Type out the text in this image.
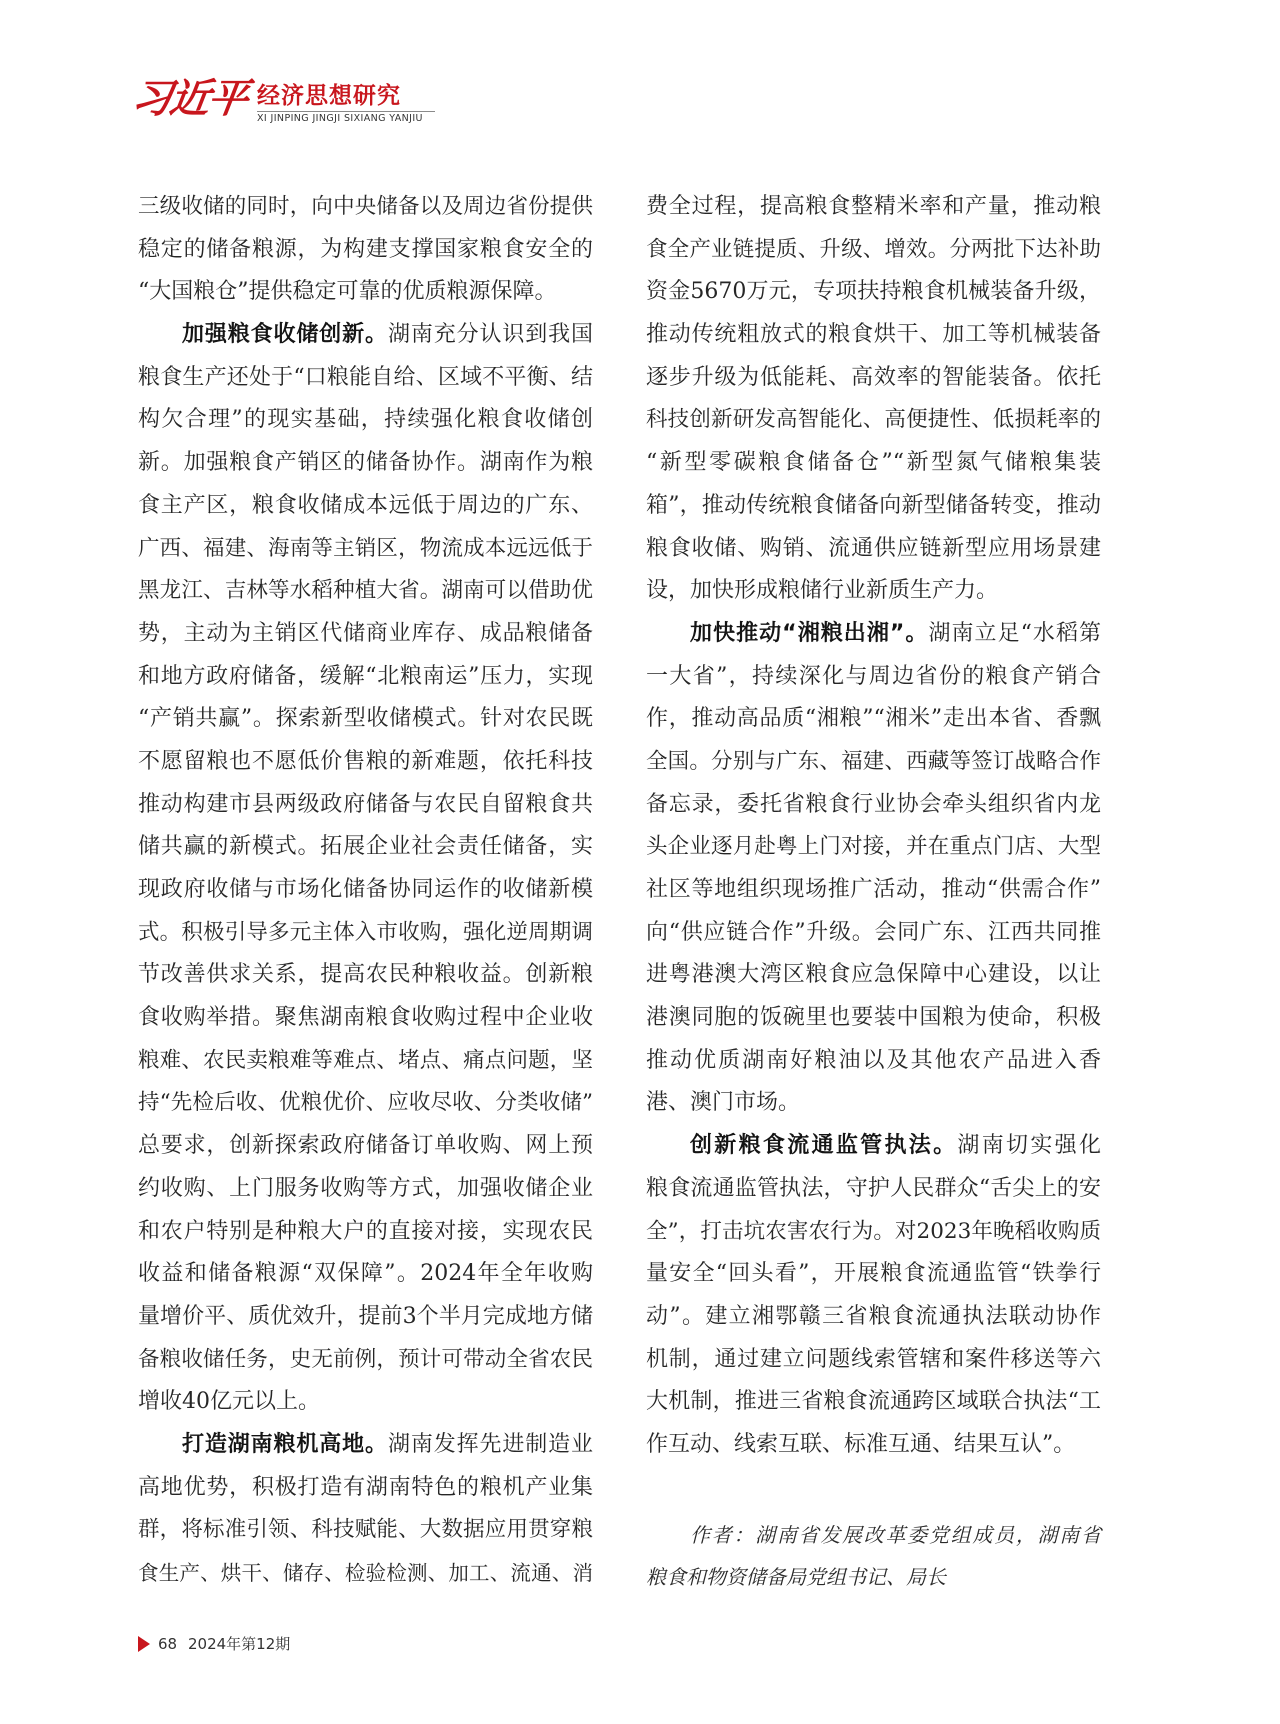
习近平 经济思想研究
XI JINPING JINGJI SIXIANG YANJIU
三级收储的同时，向中央储备以及周边省份提供
稳定的储备粮源，为构建支撑国家粮食安全的
“大国粮仓”提供稳定可靠的优质粮源保障。
加强粮食收储创新。湖南充分认识到我国
粮食生产还处于“口粮能自给、区域不平衡、结
构欠合理”的现实基础，持续强化粮食收储创
新。加强粮食产销区的储备协作。湖南作为粮
食主产区，粮食收储成本远低于周边的广东、
广西、福建、海南等主销区，物流成本远远低于
黑龙江、吉林等水稻种植大省。湖南可以借助优
势，主动为主销区代储商业库存、成品粮储备
和地方政府储备，缓解“北粮南运”压力，实现
“产销共赢”。探索新型收储模式。针对农民既
不愿留粮也不愿低价售粮的新难题，依托科技
推动构建市县两级政府储备与农民自留粮食共
储共赢的新模式。拓展企业社会责任储备，实
现政府收储与市场化储备协同运作的收储新模
式。积极引导多元主体入市收购，强化逆周期调
节改善供求关系，提高农民种粮收益。创新粮
食收购举措。聚焦湖南粮食收购过程中企业收
粮难、农民卖粮难等难点、堵点、痛点问题，坚
持“先检后收、优粮优价、应收尽收、分类收储”
总要求，创新探索政府储备订单收购、网上预
约收购、上门服务收购等方式，加强收储企业
和农户特别是种粮大户的直接对接，实现农民
收益和储备粮源“双保障”。2024年全年收购
量增价平、质优效升，提前3个半月完成地方储
备粮收储任务，史无前例，预计可带动全省农民
增收40亿元以上。
打造湖南粮机高地。湖南发挥先进制造业
高地优势，积极打造有湖南特色的粮机产业集
群，将标准引领、科技赋能、大数据应用贯穿粮
食生产、烘干、储存、检验检测、加工、流通、消
费全过程，提高粮食整精米率和产量，推动粮
食全产业链提质、升级、增效。分两批下达补助
资金5670万元，专项扶持粮食机械装备升级，
推动传统粗放式的粮食烘干、加工等机械装备
逐步升级为低能耗、高效率的智能装备。依托
科技创新研发高智能化、高便捷性、低损耗率的
“新型零碳粮食储备仓”“新型氮气储粮集装
箱”，推动传统粮食储备向新型储备转变，推动
粮食收储、购销、流通供应链新型应用场景建
设，加快形成粮储行业新质生产力。
加快推动“湘粮出湘”。湖南立足“水稻第
一大省”，持续深化与周边省份的粮食产销合
作，推动高品质“湘粮”“湘米”走出本省、香飘
全国。分别与广东、福建、西藏等签订战略合作
备忘录，委托省粮食行业协会牵头组织省内龙
头企业逐月赴粤上门对接，并在重点门店、大型
社区等地组织现场推广活动，推动“供需合作”
向“供应链合作”升级。会同广东、江西共同推
进粤港澳大湾区粮食应急保障中心建设，以让
港澳同胞的饭碗里也要装中国粮为使命，积极
推动优质湖南好粮油以及其他农产品进入香
港、澳门市场。
创新粮食流通监管执法。湖南切实强化
粮食流通监管执法，守护人民群众“舌尖上的安
全”，打击坑农害农行为。对2023年晚稻收购质
量安全“回头看”，开展粮食流通监管“铁拳行
动”。建立湘鄂赣三省粮食流通执法联动协作
机制，通过建立问题线索管辖和案件移送等六
大机制，推进三省粮食流通跨区域联合执法“工
作互动、线索互联、标准互通、结果互认”。
作者：湖南省发展改革委党组成员，湖南省
粮食和物资储备局党组书记、局长
68 2024年第12期
